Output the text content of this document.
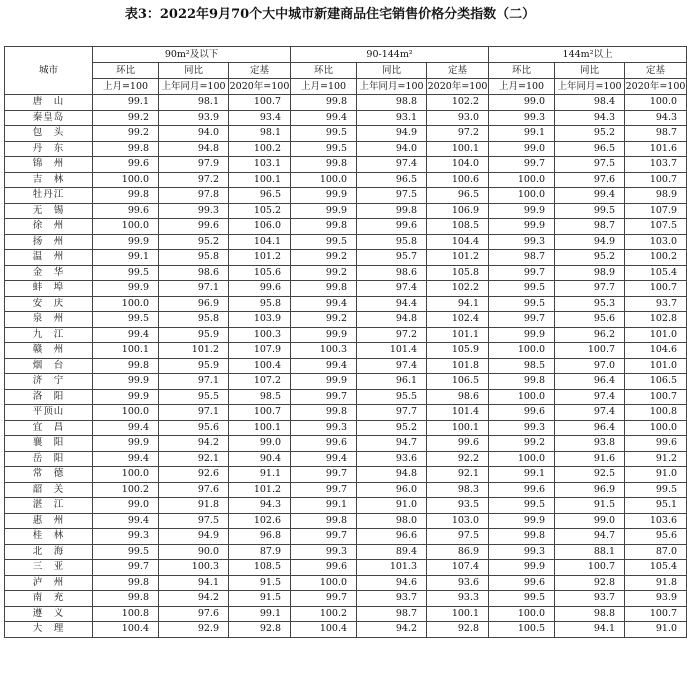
表3：2022年9月70个大中城市新建商品住宅销售价格分类指数（二）
城市	90m²及以下			90-144m²			144m²以上		
	环比	同比	定基	环比	同比	定基	环比	同比	定基
	上月=100	上年同月=100	2020年=100	上月=100	上年同月=100	2020年=100	上月=100	上年同月=100	2020年=100
唐　山	99.1	98.1	100.7	99.8	98.8	102.2	99.0	98.4	100.0
秦皇岛	99.2	93.9	93.4	99.4	93.1	93.0	99.3	94.3	94.3
包　头	99.2	94.0	98.1	99.5	94.9	97.2	99.1	95.2	98.7
丹　东	99.8	94.8	100.2	99.5	94.0	100.1	99.0	96.5	101.6
锦　州	99.6	97.9	103.1	99.8	97.4	104.0	99.7	97.5	103.7
吉　林	100.0	97.2	100.1	100.0	96.5	100.6	100.0	97.6	100.7
牡丹江	99.8	97.8	96.5	99.9	97.5	96.5	100.0	99.4	98.9
无　锡	99.6	99.3	105.2	99.9	99.8	106.9	99.9	99.5	107.9
徐　州	100.0	99.6	106.0	99.8	99.6	108.5	99.9	98.7	107.5
扬　州	99.9	95.2	104.1	99.5	95.8	104.4	99.3	94.9	103.0
温　州	99.1	95.8	101.2	99.2	95.7	101.2	98.7	95.2	100.2
金　华	99.5	98.6	105.6	99.2	98.6	105.8	99.7	98.9	105.4
蚌　埠	99.9	97.1	99.6	99.8	97.4	102.2	99.5	97.7	100.7
安　庆	100.0	96.9	95.8	99.4	94.4	94.1	99.5	95.3	93.7
泉　州	99.5	95.8	103.9	99.2	94.8	102.4	99.7	95.6	102.8
九　江	99.4	95.9	100.3	99.9	97.2	101.1	99.9	96.2	101.0
赣　州	100.1	101.2	107.9	100.3	101.4	105.9	100.0	100.7	104.6
烟　台	99.8	95.9	100.4	99.4	97.4	101.8	98.5	97.0	101.0
济　宁	99.9	97.1	107.2	99.9	96.1	106.5	99.8	96.4	106.5
洛　阳	99.9	95.5	98.5	99.7	95.5	98.6	100.0	97.4	100.7
平顶山	100.0	97.1	100.7	99.8	97.7	101.4	99.6	97.4	100.8
宜　昌	99.4	95.6	100.1	99.3	95.2	100.1	99.3	96.4	100.0
襄　阳	99.9	94.2	99.0	99.6	94.7	99.6	99.2	93.8	99.6
岳　阳	99.4	92.1	90.4	99.4	93.6	92.2	100.0	91.6	91.2
常　德	100.0	92.6	91.1	99.7	94.8	92.1	99.1	92.5	91.0
韶　关	100.2	97.6	101.2	99.7	96.0	98.3	99.6	96.9	99.5
湛　江	99.0	91.8	94.3	99.1	91.0	93.5	99.5	91.5	95.1
惠　州	99.4	97.5	102.6	99.8	98.0	103.0	99.9	99.0	103.6
桂　林	99.3	94.9	96.8	99.7	96.6	97.5	99.8	94.7	95.6
北　海	99.5	90.0	87.9	99.3	89.4	86.9	99.3	88.1	87.0
三　亚	99.7	100.3	108.5	99.6	101.3	107.4	99.9	100.7	105.4
泸　州	99.8	94.1	91.5	100.0	94.6	93.6	99.6	92.8	91.8
南　充	99.8	94.2	91.5	99.7	93.7	93.3	99.5	93.7	93.9
遵　义	100.8	97.6	99.1	100.2	98.7	100.1	100.0	98.8	100.7
大　理	100.4	92.9	92.8	100.4	94.2	92.8	100.5	94.1	91.0
